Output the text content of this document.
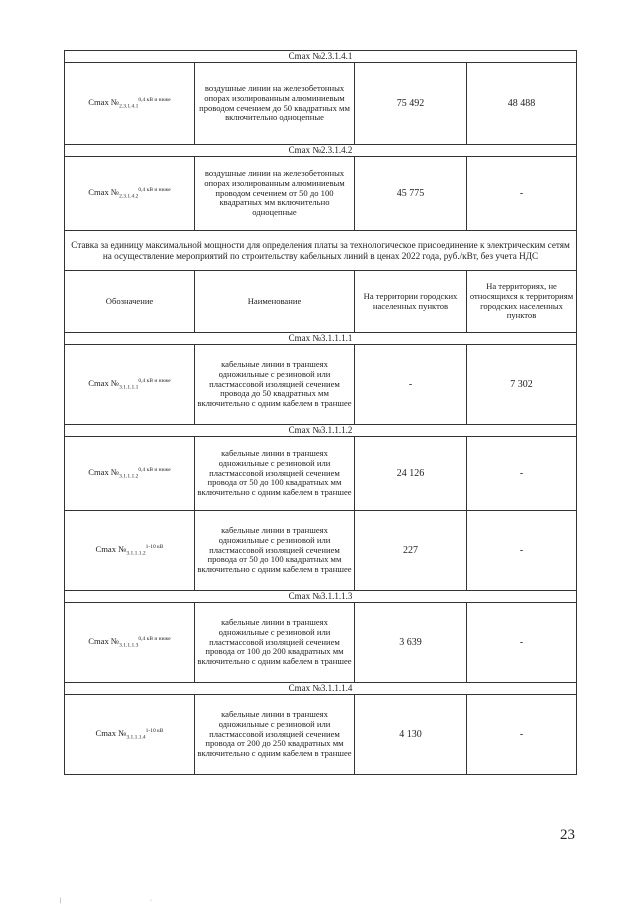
Cmax №2.3.1.4.1			
Cmax $№_{2.3.1.4.1}^{0,4 кВ и ниже}$	воздушные линии на железобетонных опорах изолированным алюминиевым проводом сечением до 50 квадратных мм включительно одноцепные	75 492	48 488
Cmax №2.3.1.4.2			
Cmax $№_{2.3.1.4.2}^{0,4 кВ и ниже}$	воздушные линии на железобетонных опорах изолированным алюминиевым проводом сечением от 50 до 100 квадратных мм включительно одноцепные	45 775	-
Ставка за единицу максимальной мощности для определения платы за технологическое присоединение к электрическим сетям на осуществление мероприятий по строительству кабельных линий в ценах 2022 года, руб./кВт, без учета НДС			
Обозначение	Наименование	На территории городских населенных пунктов	На территориях, не относящихся к территориям городских населенных пунктов
Cmax №3.1.1.1.1			
Cmax $№_{3.1.1.1.1}^{0,4 кВ и ниже}$	кабельные линии в траншеях одножильные с резиновой или пластмассовой изоляцией сечением провода до 50 квадратных мм включительно с одним кабелем в траншее	-	7 302
Cmax №3.1.1.1.2			
Cmax $№_{3.1.1.1.2}^{0,4 кВ и ниже}$	кабельные линии в траншеях одножильные с резиновой или пластмассовой изоляцией сечением провода от 50 до 100 квадратных мм включительно с одним кабелем в траншее	24 126	-
Cmax $№_{3.1.1.1.2}^{1-10 кВ}$	кабельные линии в траншеях одножильные с резиновой или пластмассовой изоляцией сечением провода от 50 до 100 квадратных мм включительно с одним кабелем в траншее	227	-
Cmax №3.1.1.1.3			
Cmax $№_{3.1.1.1.3}^{0,4 кВ и ниже}$	кабельные линии в траншеях одножильные с резиновой или пластмассовой изоляцией сечением провода от 100 до 200 квадратных мм включительно с одним кабелем в траншее	3 639	-
Cmax №3.1.1.1.4			
Cmax $№_{3.1.1.1.4}^{1-10 кВ}$	кабельные линии в траншеях одножильные с резиновой или пластмассовой изоляцией сечением провода от 200 до 250 квадратных мм включительно с одним кабелем в траншее	4 130	-
23
|	·
